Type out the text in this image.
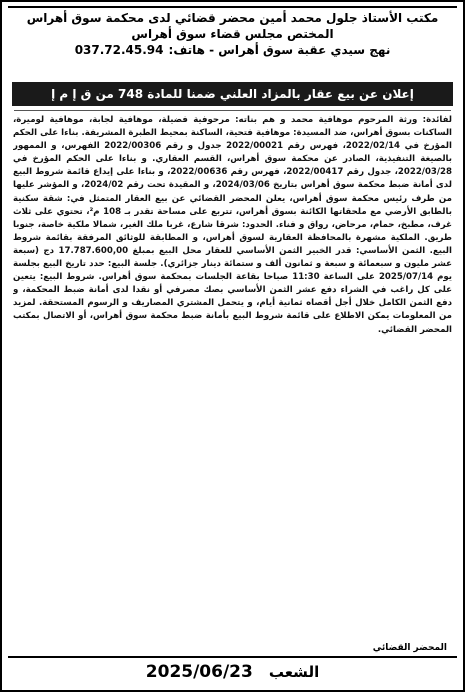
مكتب الأستاذ جلول محمد أمين محضر قضائي لدى محكمة سوق أهراس
المختص مجلس قضاء سوق أهراس
نهج سيدي عقبة سوق أهراس - هاتف:
037.72.45.94
إعلان عن بيع عقار بالمزاد العلني ضمنا للمادة 748 من ق إ م إ
لفائدة: ورثة المرحوم موهافية محمد و هم بناته: مرحوفية فضيلة، موهافية لجابة، موهافية لوميرة، الساكنات بسوق أهراس، ضد المسيدة: موهافية فتحية، الساكنة بمحيط الطبرة المشريفة. بناءا على الحكم المؤرخ في 2022/02/14، فهرس رقم 2022/00021 جدول و رقم 2022/00306 الفهرس، و الممهور بالصيغة التنفيذية، الصادر عن محكمة سوق أهراس، القسم العقاري. و بناءا على الحكم المؤرخ في 2022/03/28، جدول رقم 2022/00417، فهرس رقم 2022/00636، و بناءا على إيداع قائمة شروط البيع لدى أمانة ضبط محكمة سوق أهراس بتاريخ 2024/03/06، و المقيدة تحت رقم 2024/02، و المؤشر عليها من طرف رئيس محكمة سوق أهراس، يعلن المحضر القضائي عن بيع العقار المتمثل في: شقة سكنية بالطابق الأرضي مع ملحقاتها الكائنة بسوق أهراس، تتربع على مساحة تقدر بـ 108 م²، تحتوي على ثلاث غرف، مطبخ، حمام، مرحاض، رواق و فناء. الحدود: شرقا شارع، غربا ملك الغير، شمالا ملكية خاصة، جنوبا طريق. الملكية مشهرة بالمحافظة العقارية لسوق أهراس، و المطابقة للوثائق المرفقة بقائمة شروط البيع. الثمن الأساسي: قدر الخبير الثمن الأساسي للعقار محل البيع بمبلغ 17.787.600,00 دج (سبعة عشر مليون و سبعمائة و سبعة و ثمانون ألف و ستمائة دينار جزائري). جلسة البيع: حدد تاريخ البيع بجلسة يوم 2025/07/14 على الساعة 11:30 صباحا بقاعة الجلسات بمحكمة سوق أهراس. شروط البيع: يتعين على كل راغب في الشراء دفع عشر الثمن الأساسي بصك مصرفي أو نقدا لدى أمانة ضبط المحكمة، و دفع الثمن الكامل خلال أجل أقصاه ثمانية أيام، و يتحمل المشتري المصاريف و الرسوم المستحقة. لمزيد من المعلومات يمكن الاطلاع على قائمة شروط البيع بأمانة ضبط محكمة سوق أهراس، أو الاتصال بمكتب المحضر القضائي.
المحضر القضائي
الشعب
2025/06/23
